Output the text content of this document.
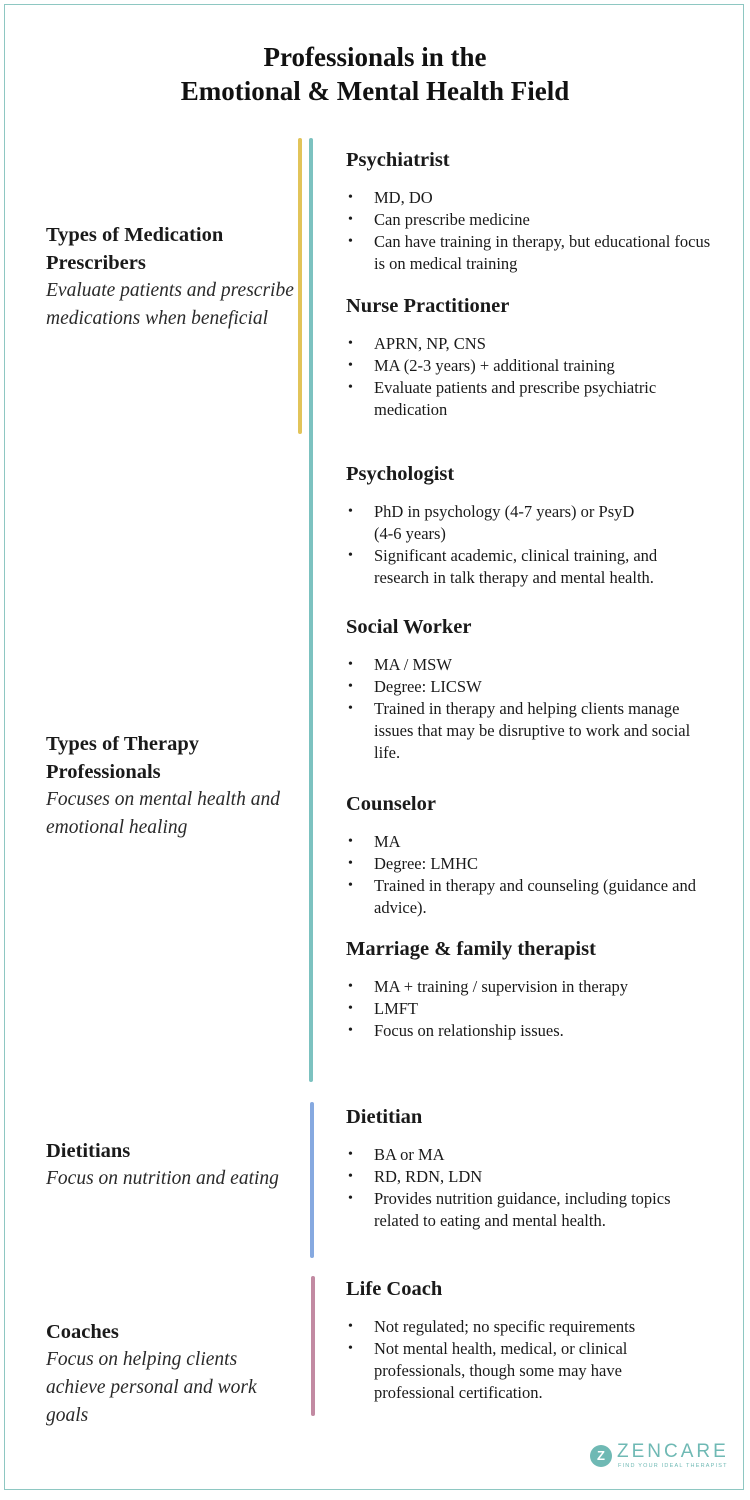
Professionals in the
Emotional & Mental Health Field
Types of Medication Prescribers
Evaluate patients and prescribe medications when beneficial
Types of Therapy Professionals
Focuses on mental health and emotional healing
Dietitians
Focus on nutrition and eating
Coaches
Focus on helping clients achieve personal and work goals
Psychiatrist
• MD, DO
• Can prescribe medicine
• Can have training in therapy, but educational focus is on medical training
Nurse Practitioner
• APRN, NP, CNS
• MA (2-3 years) + additional training
• Evaluate patients and prescribe psychiatric medication
Psychologist
• PhD in psychology (4-7 years) or PsyD (4-6 years)
• Significant academic, clinical training, and research in talk therapy and mental health.
Social Worker
• MA / MSW
• Degree: LICSW
• Trained in therapy and helping clients manage issues that may be disruptive to work and social life.
Counselor
• MA
• Degree: LMHC
• Trained in therapy and counseling (guidance and advice).
Marriage & family therapist
• MA + training / supervision in therapy
• LMFT
• Focus on relationship issues.
Dietitian
• BA or MA
• RD, RDN, LDN
• Provides nutrition guidance, including topics related to eating and mental health.
Life Coach
• Not regulated; no specific requirements
• Not mental health, medical, or clinical professionals, though some may have professional certification.
Z ZENCARE
FIND YOUR IDEAL THERAPIST
